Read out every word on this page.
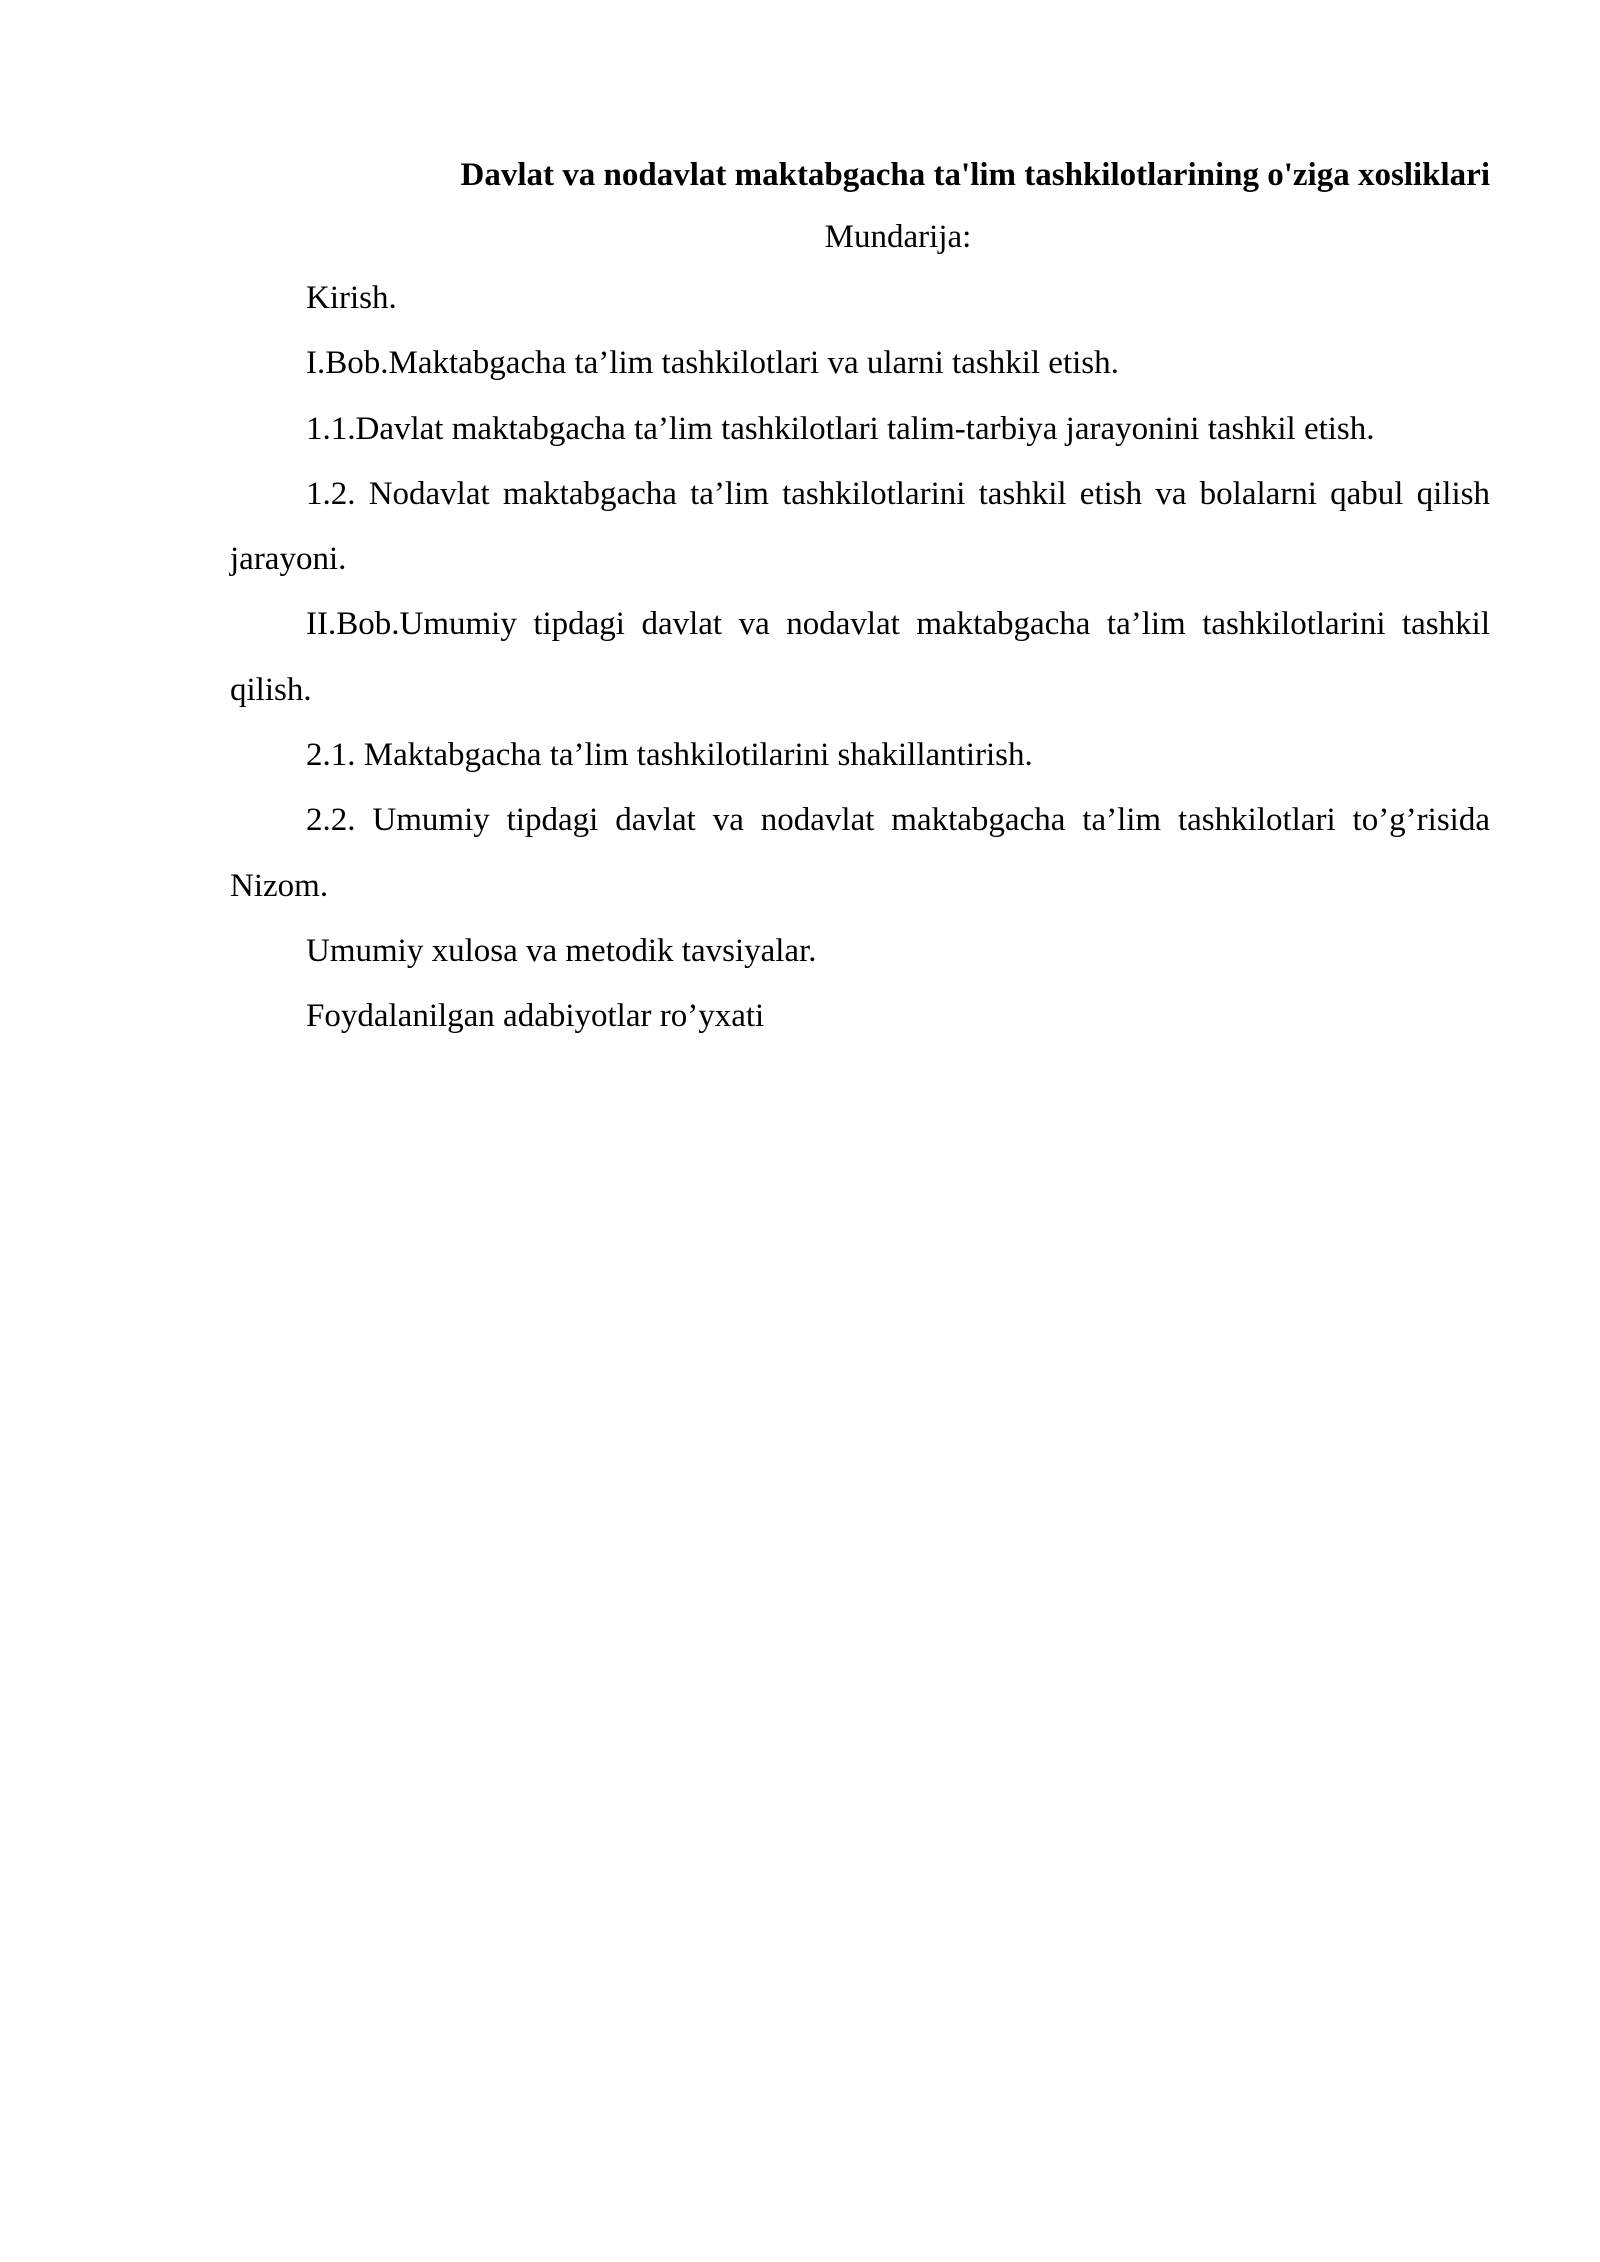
Davlat va nodavlat maktabgacha ta'lim tashkilotlarining o'ziga xosliklari

Mundarija:

Kirish.
I.Bob.Maktabgacha ta’lim tashkilotlari va ularni tashkil etish.
1.1.Davlat maktabgacha ta’lim tashkilotlari talim-tarbiya jarayonini tashkil etish.
1.2. Nodavlat maktabgacha ta’lim tashkilotlarini tashkil etish va bolalarni qabul qilish jarayoni.
II.Bob.Umumiy tipdagi davlat va nodavlat maktabgacha ta’lim tashkilotlarini tashkil qilish.
2.1. Maktabgacha ta’lim tashkilotilarini shakillantirish.
2.2. Umumiy tipdagi davlat va nodavlat maktabgacha ta’lim tashkilotlari to’g’risida Nizom.
Umumiy xulosa va metodik tavsiyalar.
Foydalanilgan adabiyotlar ro’yxati
